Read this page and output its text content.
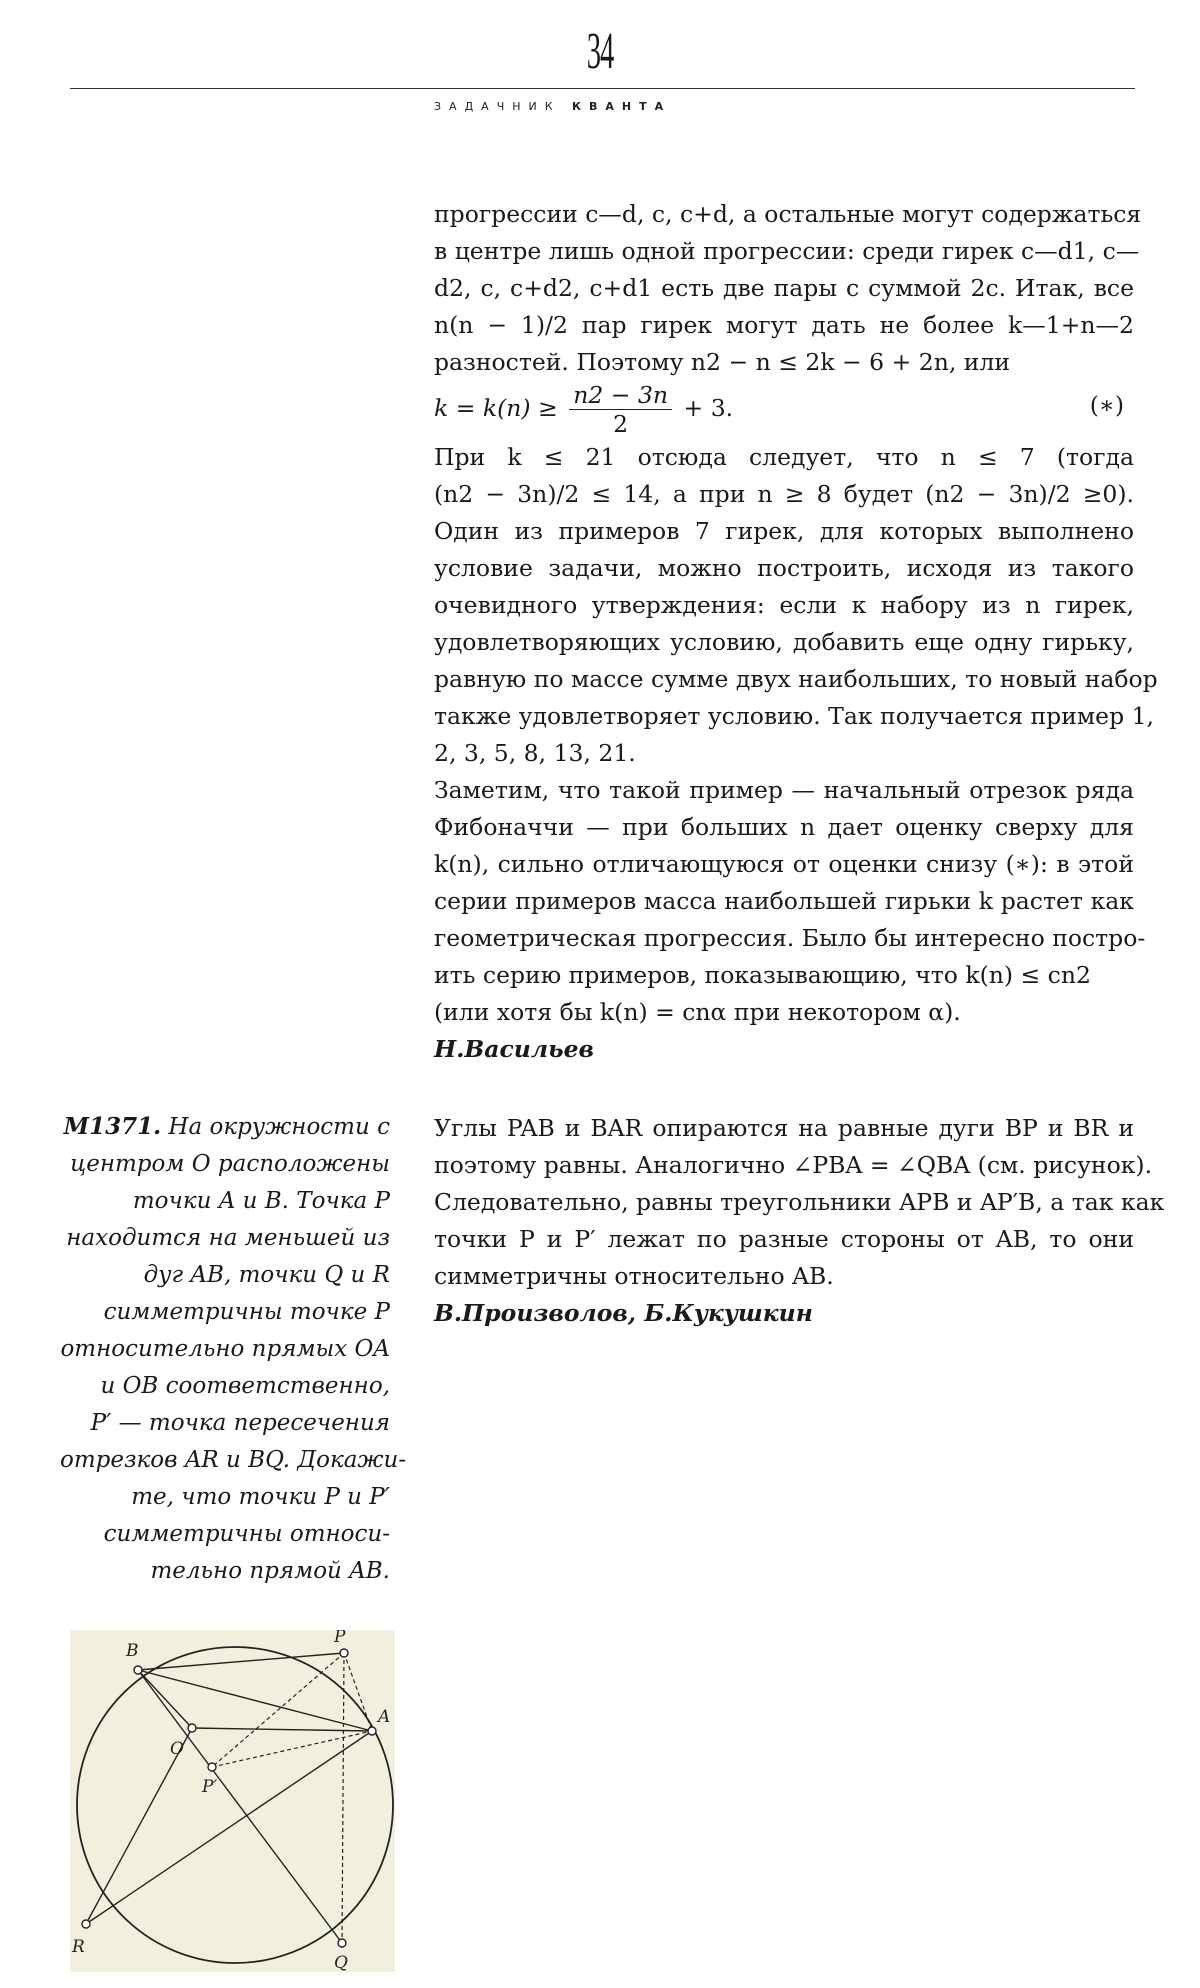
34
ЗАДАЧНИК КВАНТА
прогрессии c—d, c, c+d, а остальные могут содержаться
в центре лишь одной прогрессии: среди гирек c—d1, c—
d2, c, c+d2, c+d1 есть две пары с суммой 2c. Итак, все
n(n − 1)/2 пар гирек могут дать не более k—1+n—2
разностей. Поэтому n2 − n ≤ 2k − 6 + 2n, или
$k = k(n) \ge \frac{n2 - 3n}{2} + 3$.	(∗)
При k ≤ 21 отсюда следует, что n ≤ 7 (тогда
(n2 − 3n)/2 ≤ 14, а при n ≥ 8 будет (n2 − 3n)/2 ≥0).
Один из примеров 7 гирек, для которых выполнено
условие задачи, можно построить, исходя из такого
очевидного утверждения: если к набору из n гирек,
удовлетворяющих условию, добавить еще одну гирьку,
равную по массе сумме двух наибольших, то новый набор
также удовлетворяет условию. Так получается пример 1,
2, 3, 5, 8, 13, 21.
Заметим, что такой пример — начальный отрезок ряда
Фибоначчи — при больших n дает оценку сверху для
k(n), сильно отличающуюся от оценки снизу (∗): в этой
серии примеров масса наибольшей гирьки k растет как
геометрическая прогрессия. Было бы интересно постро-
ить серию примеров, показывающию, что k(n) ≤ cn2
(или хотя бы k(n) = cnα при некотором α).
Н.Васильев
М1371. На окружности с
центром O расположены
точки A и B. Точка P
находится на меньшей из
дуг AB, точки Q и R
симметричны точке P
относительно прямых OA
и OB соответственно,
P′ — точка пересечения
отрезков AR и BQ. Докажи-
те, что точки P и P′
симметричны относи-
тельно прямой AB.
Углы PAB и BAR опираются на равные дуги BP и BR и
поэтому равны. Аналогично ∠PBA = ∠QBA (см. рисунок).
Следовательно, равны треугольники APB и AP′B, а так как
точки P и P′ лежат по разные стороны от AB, то они
симметричны относительно AB.
В.Произволов, Б.Кукушкин
B
P
A
O
P′
R
Q
